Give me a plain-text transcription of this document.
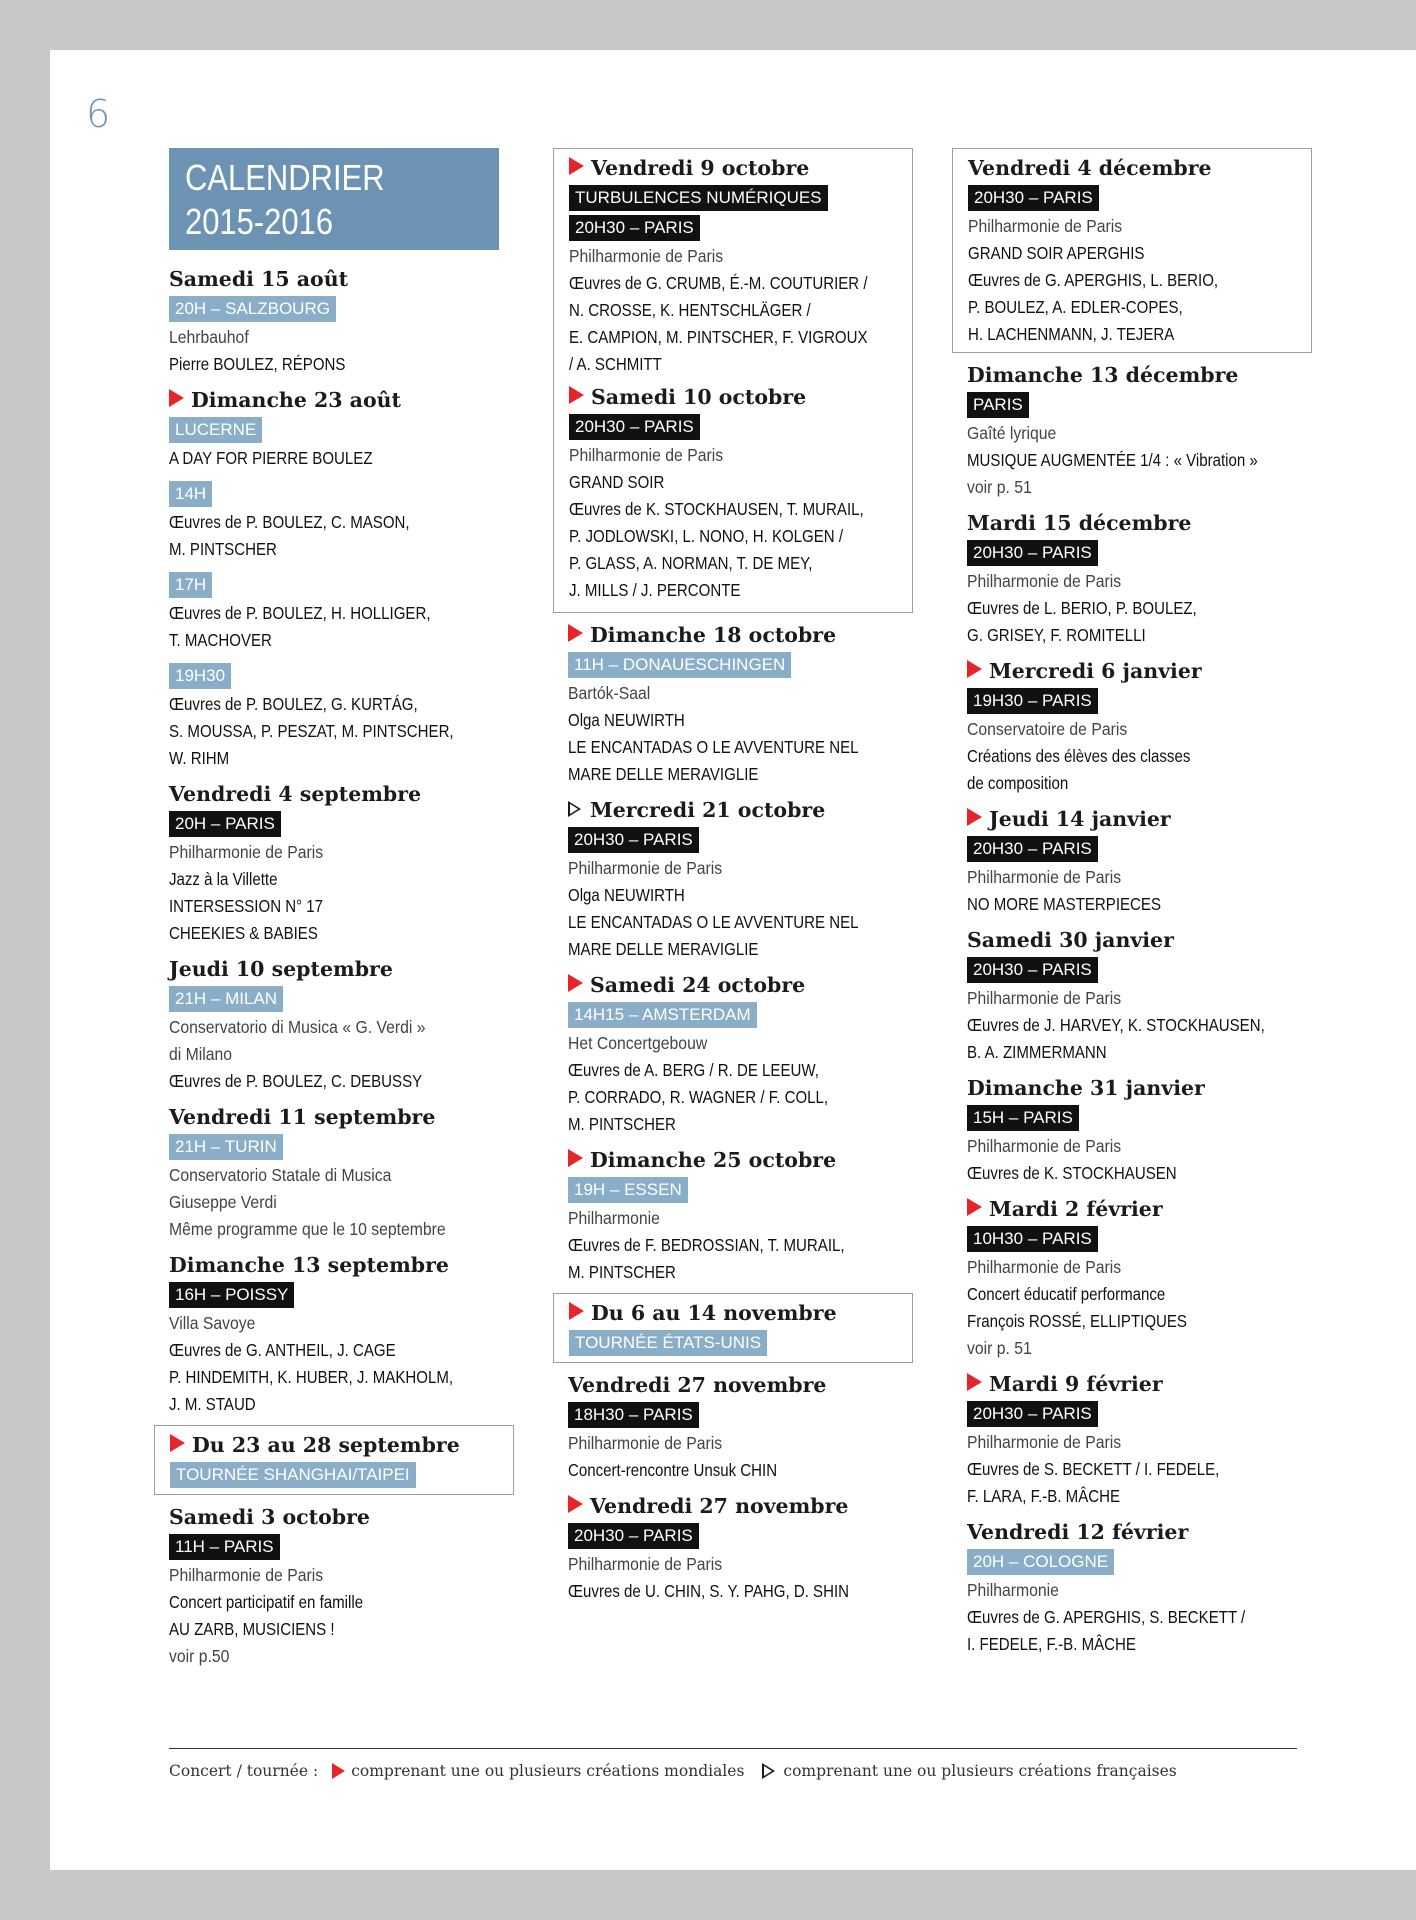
6
CALENDRIER
2015-2016
Samedi 15 août
20H – SALZBOURG
Lehrbauhof
Pierre BOULEZ, RÉPONS
Dimanche 23 août
LUCERNE
A DAY FOR PIERRE BOULEZ
14H
Œuvres de P. BOULEZ, C. MASON,
M. PINTSCHER
17H
Œuvres de P. BOULEZ, H. HOLLIGER,
T. MACHOVER
19H30
Œuvres de P. BOULEZ, G. KURTÁG,
S. MOUSSA, P. PESZAT, M. PINTSCHER,
W. RIHM
Vendredi 4 septembre
20H – PARIS
Philharmonie de Paris
Jazz à la Villette
INTERSESSION N° 17
CHEEKIES & BABIES
Jeudi 10 septembre
21H – MILAN
Conservatorio di Musica « G. Verdi »
di Milano
Œuvres de P. BOULEZ, C. DEBUSSY
Vendredi 11 septembre
21H – TURIN
Conservatorio Statale di Musica
Giuseppe Verdi
Même programme que le 10 septembre
Dimanche 13 septembre
16H – POISSY
Villa Savoye
Œuvres de G. ANTHEIL, J. CAGE
P. HINDEMITH, K. HUBER, J. MAKHOLM,
J. M. STAUD
Du 23 au 28 septembre
TOURNÉE SHANGHAI/TAIPEI
Samedi 3 octobre
11H – PARIS
Philharmonie de Paris
Concert participatif en famille
AU ZARB, MUSICIENS !
voir p.50
Vendredi 9 octobre
TURBULENCES NUMÉRIQUES
20H30 – PARIS
Philharmonie de Paris
Œuvres de G. CRUMB, É.-M. COUTURIER /
N. CROSSE, K. HENTSCHLÄGER /
E. CAMPION, M. PINTSCHER, F. VIGROUX
/ A. SCHMITT
Samedi 10 octobre
20H30 – PARIS
Philharmonie de Paris
GRAND SOIR
Œuvres de K. STOCKHAUSEN, T. MURAIL,
P. JODLOWSKI, L. NONO, H. KOLGEN /
P. GLASS, A. NORMAN, T. DE MEY,
J. MILLS / J. PERCONTE
Dimanche 18 octobre
11H – DONAUESCHINGEN
Bartók-Saal
Olga NEUWIRTH
LE ENCANTADAS O LE AVVENTURE NEL
MARE DELLE MERAVIGLIE
Mercredi 21 octobre
20H30 – PARIS
Philharmonie de Paris
Olga NEUWIRTH
LE ENCANTADAS O LE AVVENTURE NEL
MARE DELLE MERAVIGLIE
Samedi 24 octobre
14H15 – AMSTERDAM
Het Concertgebouw
Œuvres de A. BERG / R. DE LEEUW,
P. CORRADO, R. WAGNER / F. COLL,
M. PINTSCHER
Dimanche 25 octobre
19H – ESSEN
Philharmonie
Œuvres de F. BEDROSSIAN, T. MURAIL,
M. PINTSCHER
Du 6 au 14 novembre
TOURNÉE ÉTATS-UNIS
Vendredi 27 novembre
18H30 – PARIS
Philharmonie de Paris
Concert-rencontre Unsuk CHIN
Vendredi 27 novembre
20H30 – PARIS
Philharmonie de Paris
Œuvres de U. CHIN, S. Y. PAHG, D. SHIN
Vendredi 4 décembre
20H30 – PARIS
Philharmonie de Paris
GRAND SOIR APERGHIS
Œuvres de G. APERGHIS, L. BERIO,
P. BOULEZ, A. EDLER-COPES,
H. LACHENMANN, J. TEJERA
Dimanche 13 décembre
PARIS
Gaîté lyrique
MUSIQUE AUGMENTÉE 1/4 : « Vibration »
voir p. 51
Mardi 15 décembre
20H30 – PARIS
Philharmonie de Paris
Œuvres de L. BERIO, P. BOULEZ,
G. GRISEY, F. ROMITELLI
Mercredi 6 janvier
19H30 – PARIS
Conservatoire de Paris
Créations des élèves des classes
de composition
Jeudi 14 janvier
20H30 – PARIS
Philharmonie de Paris
NO MORE MASTERPIECES
Samedi 30 janvier
20H30 – PARIS
Philharmonie de Paris
Œuvres de J. HARVEY, K. STOCKHAUSEN,
B. A. ZIMMERMANN
Dimanche 31 janvier
15H – PARIS
Philharmonie de Paris
Œuvres de K. STOCKHAUSEN
Mardi 2 février
10H30 – PARIS
Philharmonie de Paris
Concert éducatif performance
François ROSSÉ, ELLIPTIQUES
voir p. 51
Mardi 9 février
20H30 – PARIS
Philharmonie de Paris
Œuvres de S. BECKETT / I. FEDELE,
F. LARA, F.-B. MÂCHE
Vendredi 12 février
20H – COLOGNE
Philharmonie
Œuvres de G. APERGHIS, S. BECKETT /
I. FEDELE, F.-B. MÂCHE
Concert / tournée : comprenant une ou plusieurs créations mondiales	comprenant une ou plusieurs créations françaises
